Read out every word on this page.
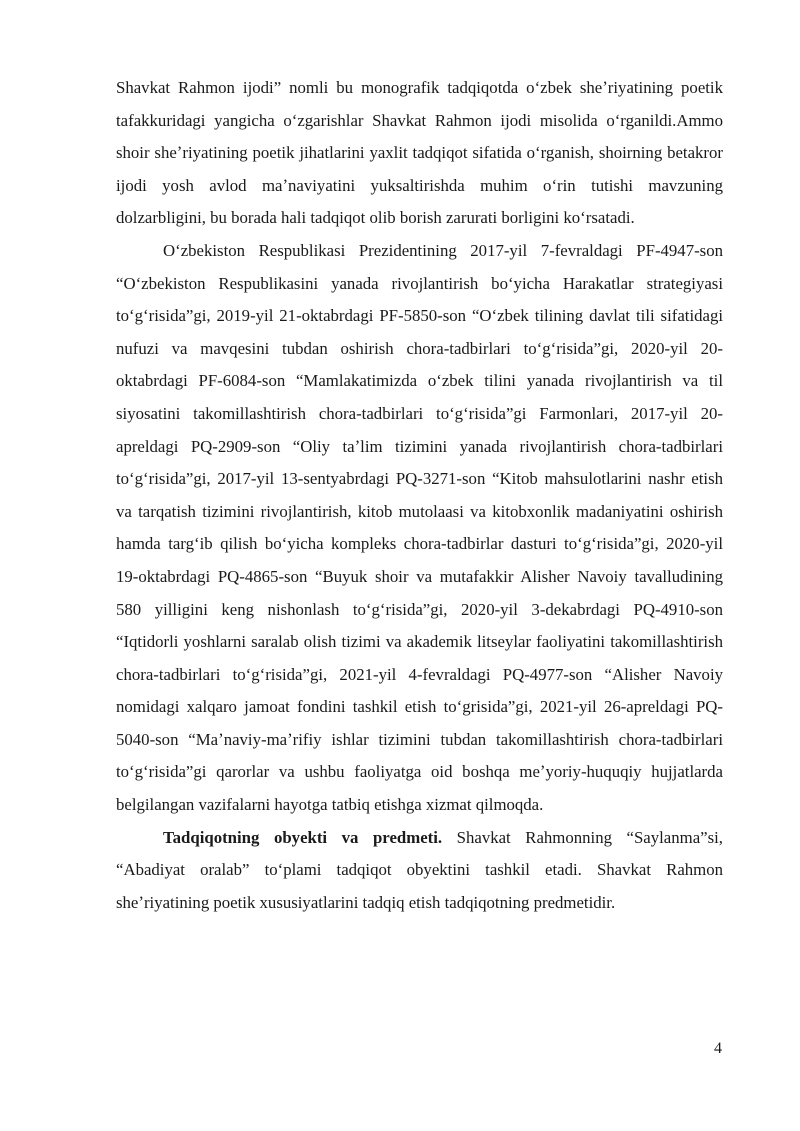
Shavkat Rahmon ijodi” nomli bu monografik tadqiqotda oʻzbek sheʼriyatining poetik tafakkuridagi yangicha oʻzgarishlar Shavkat Rahmon ijodi misolida oʻrganildi.Ammo shoir sheʼriyatining poetik jihatlarini yaxlit tadqiqot sifatida oʻrganish, shoirning betakror ijodi yosh avlod maʼnaviyatini yuksaltirishda muhim oʻrin tutishi mavzuning dolzarbligini, bu borada hali tadqiqot olib borish zarurati borligini koʻrsatadi.

Oʻzbekiston Respublikasi Prezidentining 2017-yil 7-fevraldagi PF-4947-son “Oʻzbekiston Respublikasini yanada rivojlantirish boʻyicha Harakatlar strategiyasi toʻgʻrisida”gi, 2019-yil 21-oktabrdagi PF-5850-son “Oʻzbek tilining davlat tili sifatidagi nufuzi va mavqesini tubdan oshirish chora-tadbirlari toʻgʻrisida”gi, 2020-yil 20-oktabrdagi PF-6084-son “Mamlakatimizda oʻzbek tilini yanada rivojlantirish va til siyosatini takomillashtirish chora-tadbirlari toʻgʻrisida”gi Farmonlari, 2017-yil 20-apreldagi PQ-2909-son “Oliy taʼlim tizimini yanada rivojlantirish chora-tadbirlari toʻgʻrisida”gi, 2017-yil 13-sentyabrdagi PQ-3271-son “Kitob mahsulotlarini nashr etish va tarqatish tizimini rivojlantirish, kitob mutolaasi va kitobxonlik madaniyatini oshirish hamda targʻib qilish boʻyicha kompleks chora-tadbirlar dasturi toʻgʻrisida”gi, 2020-yil 19-oktabrdagi PQ-4865-son “Buyuk shoir va mutafakkir Alisher Navoiy tavalludining 580 yilligini keng nishonlash toʻgʻrisida”gi, 2020-yil 3-dekabrdagi PQ-4910-son “Iqtidorli yoshlarni saralab olish tizimi va akademik litseylar faoliyatini takomillashtirish chora-tadbirlari toʻgʻrisida”gi, 2021-yil 4-fevraldagi PQ-4977-son “Alisher Navoiy nomidagi xalqaro jamoat fondini tashkil etish toʻgrisida”gi, 2021-yil 26-apreldagi PQ-5040-son “Maʼnaviy-maʼrifiy ishlar tizimini tubdan takomillashtirish chora-tadbirlari toʻgʻrisida”gi qarorlar va ushbu faoliyatga oid boshqa meʼyoriy-huquqiy hujjatlarda belgilangan vazifalarni hayotga tatbiq etishga xizmat qilmoqda.

Tadqiqotning obyekti va predmeti. Shavkat Rahmonning “Saylanma”si, “Abadiyat oralab” toʻplami tadqiqot obyektini tashkil etadi. Shavkat Rahmon sheʼriyatining poetik xususiyatlarini tadqiq etish tadqiqotning predmetidir.

4
